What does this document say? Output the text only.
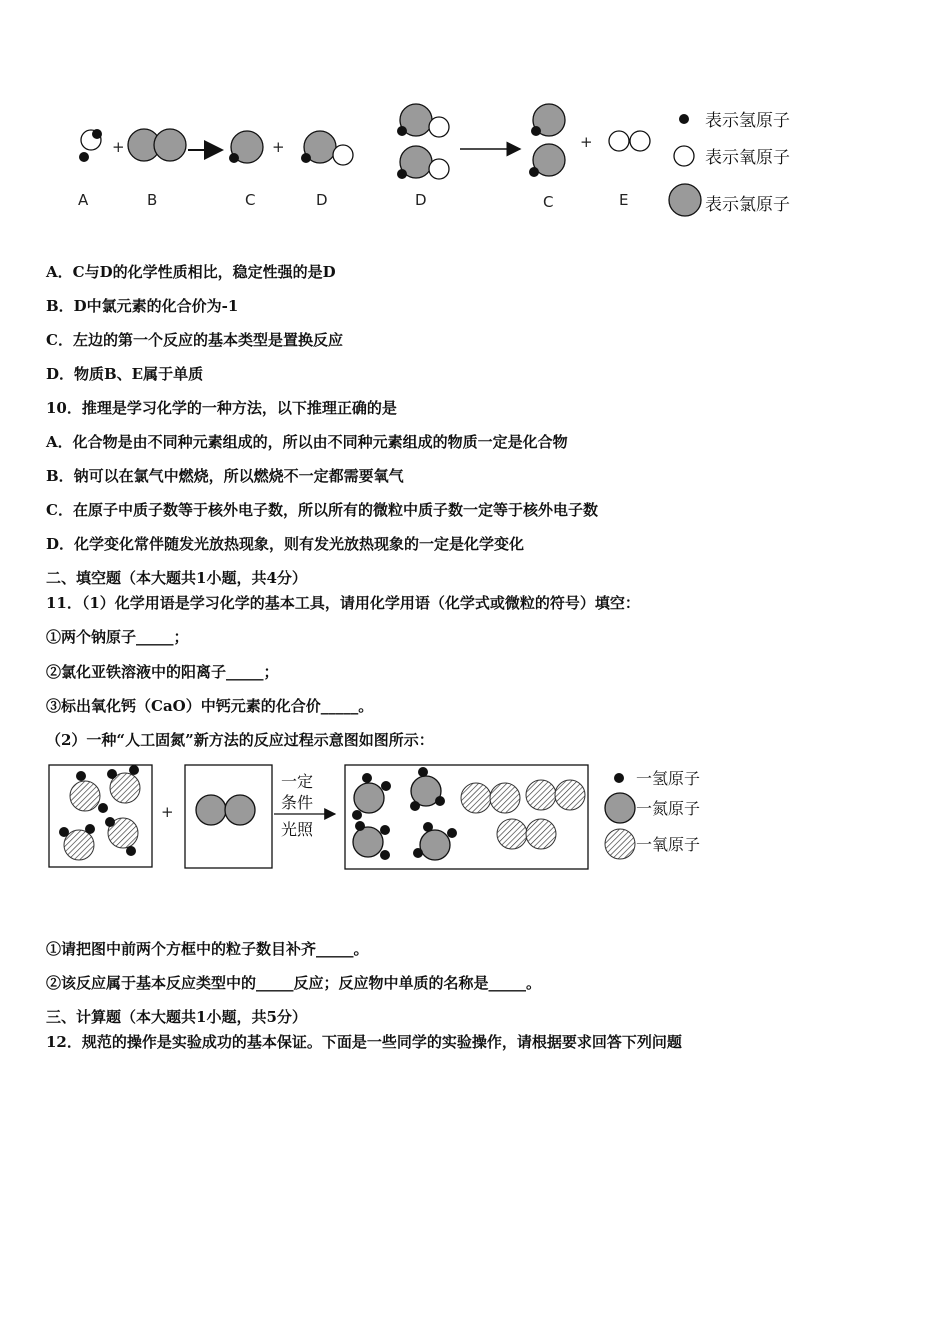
+	+
A	B	C	D
+
D	C	E
表示氢原子
表示氧原子
表示氯原子
+
一定
条件
光照
一氢原子
一氮原子
一氧原子
A．C与D的化学性质相比，稳定性强的是D
B．D中氯元素的化合价为-1
C．左边的第一个反应的基本类型是置换反应
D．物质B、E属于单质
10．推理是学习化学的一种方法，以下推理正确的是
A．化合物是由不同种元素组成的，所以由不同种元素组成的物质一定是化合物
B．钠可以在氯气中燃烧，所以燃烧不一定都需要氧气
C．在原子中质子数等于核外电子数，所以所有的微粒中质子数一定等于核外电子数
D．化学变化常伴随发光放热现象，则有发光放热现象的一定是化学变化
二、填空题（本大题共1小题，共4分）
11．（1）化学用语是学习化学的基本工具，请用化学用语（化学式或微粒的符号）填空：
①两个钠原子_____；
②氯化亚铁溶液中的阳离子_____；
③标出氧化钙（CaO）中钙元素的化合价_____。
（2）一种“人工固氮”新方法的反应过程示意图如图所示：
①请把图中前两个方框中的粒子数目补齐_____。
②该反应属于基本反应类型中的_____反应；反应物中单质的名称是_____。
三、计算题（本大题共1小题，共5分）
12．规范的操作是实验成功的基本保证。下面是一些同学的实验操作，请根据要求回答下列问题
